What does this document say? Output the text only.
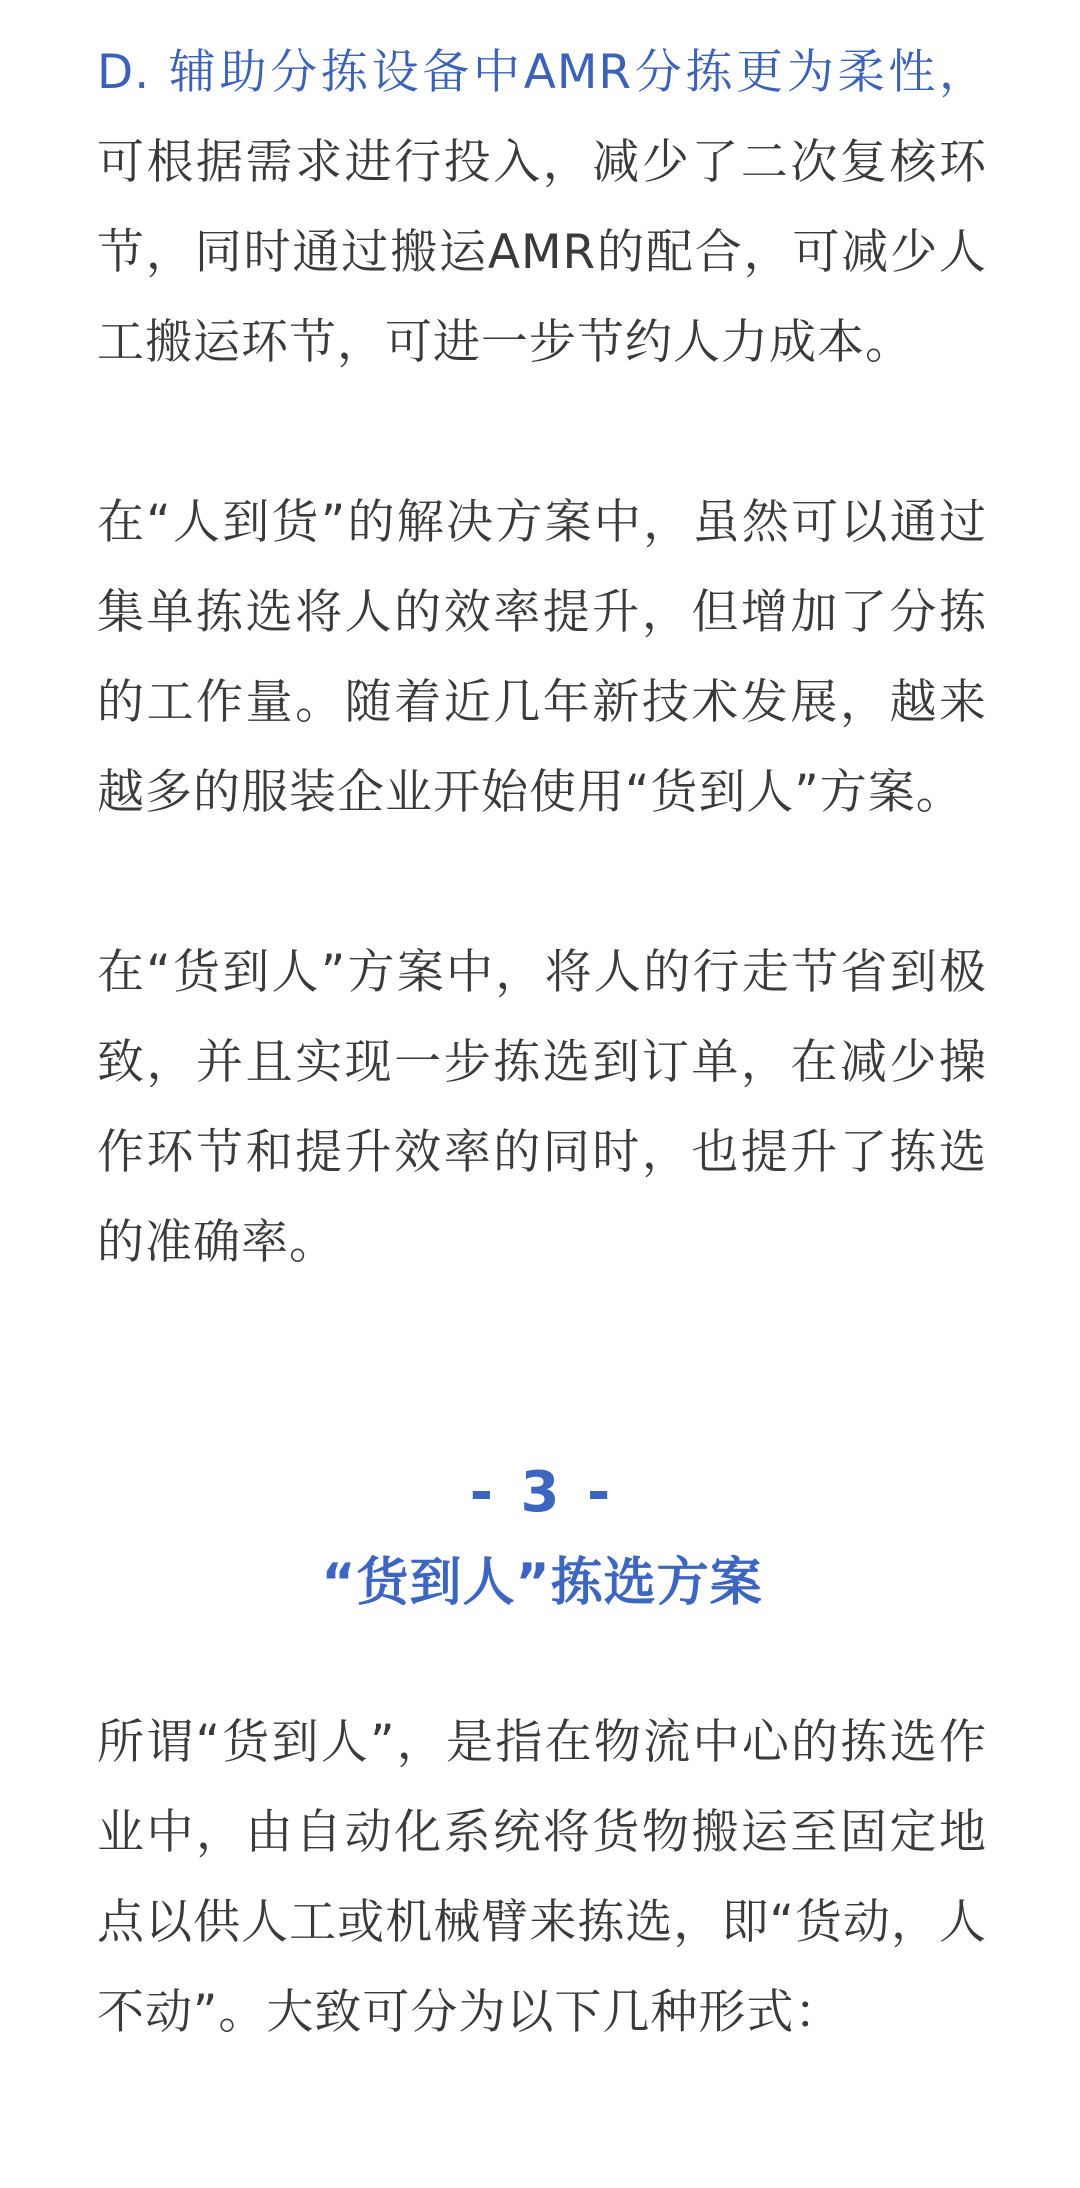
D. 辅助分拣设备中AMR分拣更为柔性，可根据需求进行投入，减少了二次复核环节，同时通过搬运AMR的配合，可减少人工搬运环节，可进一步节约人力成本。

在“人到货”的解决方案中，虽然可以通过集单拣选将人的效率提升，但增加了分拣的工作量。随着近几年新技术发展，越来越多的服装企业开始使用“货到人”方案。

在“货到人”方案中，将人的行走节省到极致，并且实现一步拣选到订单，在减少操作环节和提升效率的同时，也提升了拣选的准确率。

- 3 -

“货到人”拣选方案

所谓“货到人”，是指在物流中心的拣选作业中，由自动化系统将货物搬运至固定地点以供人工或机械臂来拣选，即“货动，人不动”。大致可分为以下几种形式：
